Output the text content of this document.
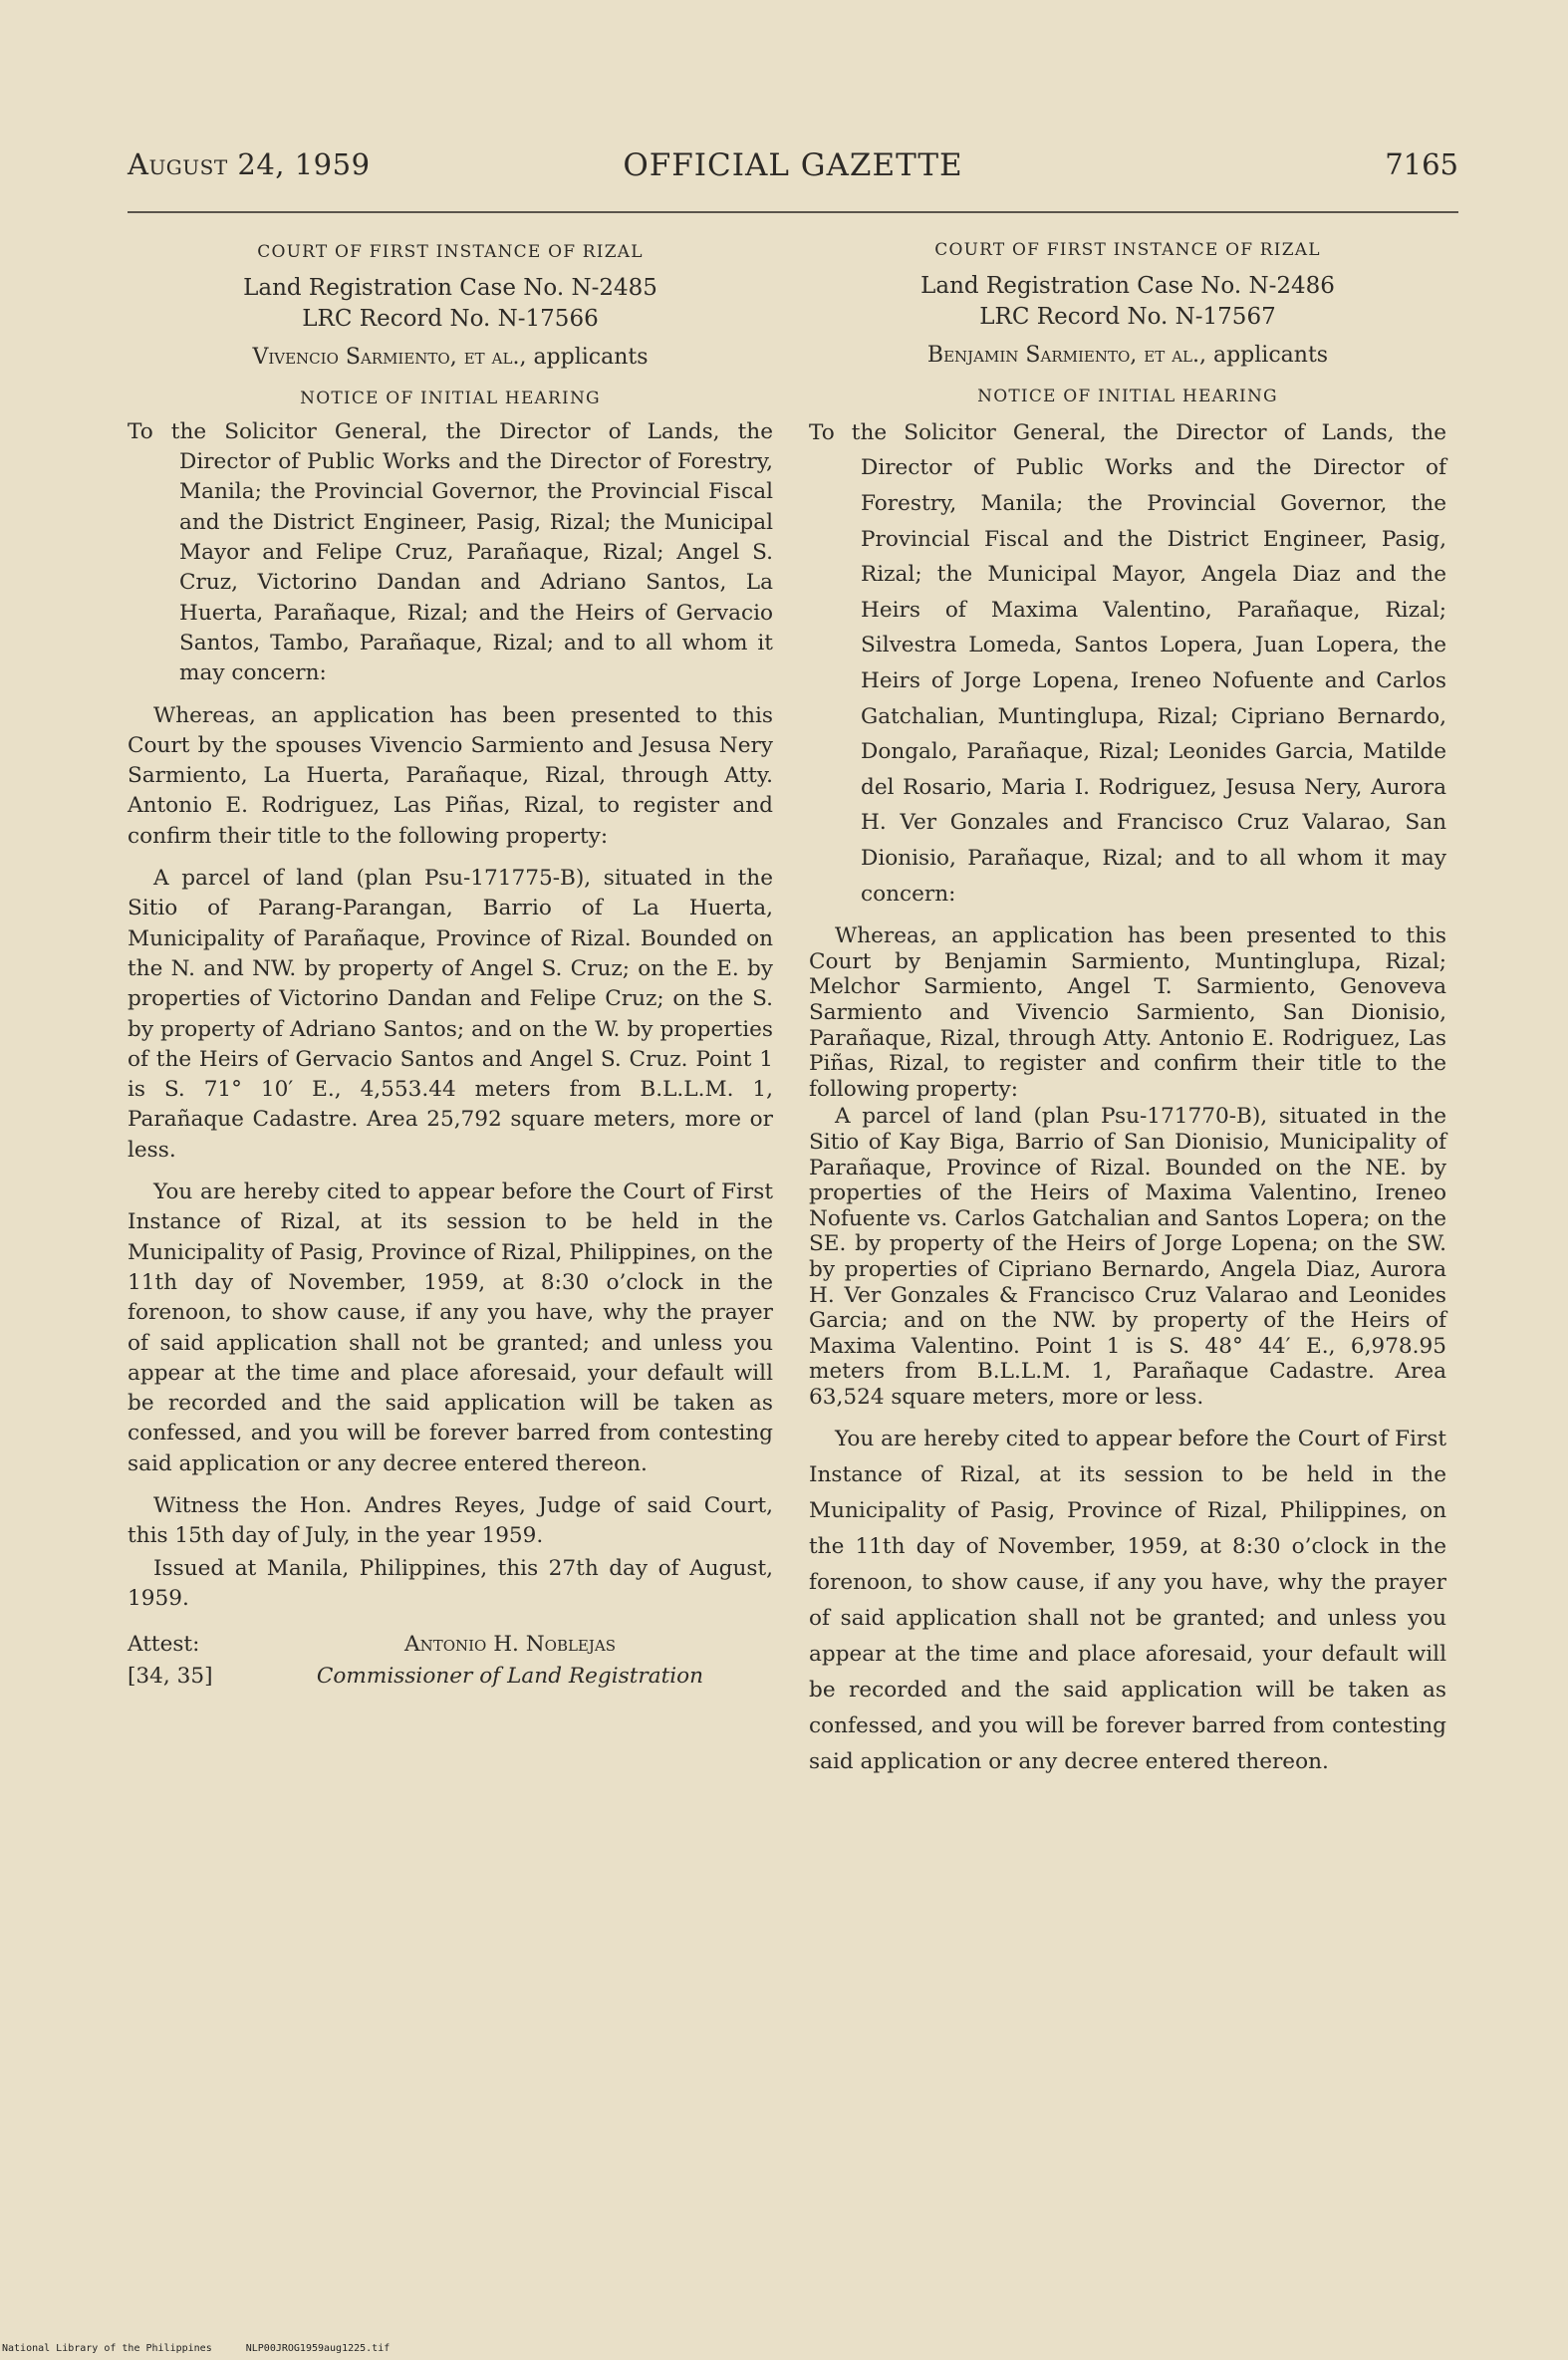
August 24, 1959	OFFICIAL GAZETTE	7165
COURT OF FIRST INSTANCE OF RIZAL
Land Registration Case No. N-2485
LRC Record No. N-17566
Vivencio Sarmiento, et al., applicants
NOTICE OF INITIAL HEARING
To the Solicitor General, the Director of Lands, the Director of Public Works and the Director of Forestry, Manila; the Provincial Governor, the Provincial Fiscal and the District Engineer, Pasig, Rizal; the Municipal Mayor and Felipe Cruz, Parañaque, Rizal; Angel S. Cruz, Victorino Dandan and Adriano Santos, La Huerta, Parañaque, Rizal; and the Heirs of Gervacio Santos, Tambo, Parañaque, Rizal; and to all whom it may concern:
Whereas, an application has been presented to this Court by the spouses Vivencio Sarmiento and Jesusa Nery Sarmiento, La Huerta, Parañaque, Rizal, through Atty. Antonio E. Rodriguez, Las Piñas, Rizal, to register and confirm their title to the following property:
A parcel of land (plan Psu-171775-B), situated in the Sitio of Parang-Parangan, Barrio of La Huerta, Municipality of Parañaque, Province of Rizal. Bounded on the N. and NW. by property of Angel S. Cruz; on the E. by properties of Victorino Dandan and Felipe Cruz; on the S. by property of Adriano Santos; and on the W. by properties of the Heirs of Gervacio Santos and Angel S. Cruz. Point 1 is S. 71° 10′ E., 4,553.44 meters from B.L.L.M. 1, Parañaque Cadastre. Area 25,792 square meters, more or less.
You are hereby cited to appear before the Court of First Instance of Rizal, at its session to be held in the Municipality of Pasig, Province of Rizal, Philippines, on the 11th day of November, 1959, at 8:30 o’clock in the forenoon, to show cause, if any you have, why the prayer of said application shall not be granted; and unless you appear at the time and place aforesaid, your default will be recorded and the said application will be taken as confessed, and you will be forever barred from contesting said application or any decree entered thereon.
Witness the Hon. Andres Reyes, Judge of said Court, this 15th day of July, in the year 1959.
Issued at Manila, Philippines, this 27th day of August, 1959.
Attest:	Antonio H. Noblejas
[34, 35]	Commissioner of Land Registration
COURT OF FIRST INSTANCE OF RIZAL
Land Registration Case No. N-2486
LRC Record No. N-17567
Benjamin Sarmiento, et al., applicants
NOTICE OF INITIAL HEARING
To the Solicitor General, the Director of Lands, the Director of Public Works and the Director of Forestry, Manila; the Provincial Governor, the Provincial Fiscal and the District Engineer, Pasig, Rizal; the Municipal Mayor, Angela Diaz and the Heirs of Maxima Valentino, Parañaque, Rizal; Silvestra Lomeda, Santos Lopera, Juan Lopera, the Heirs of Jorge Lopena, Ireneo Nofuente and Carlos Gatchalian, Muntinglupa, Rizal; Cipriano Bernardo, Dongalo, Parañaque, Rizal; Leonides Garcia, Matilde del Rosario, Maria I. Rodriguez, Jesusa Nery, Aurora H. Ver Gonzales and Francisco Cruz Valarao, San Dionisio, Parañaque, Rizal; and to all whom it may concern:
Whereas, an application has been presented to this Court by Benjamin Sarmiento, Muntinglupa, Rizal; Melchor Sarmiento, Angel T. Sarmiento, Genoveva Sarmiento and Vivencio Sarmiento, San Dionisio, Parañaque, Rizal, through Atty. Antonio E. Rodriguez, Las Piñas, Rizal, to register and confirm their title to the following property:
A parcel of land (plan Psu-171770-B), situated in the Sitio of Kay Biga, Barrio of San Dionisio, Municipality of Parañaque, Province of Rizal. Bounded on the NE. by properties of the Heirs of Maxima Valentino, Ireneo Nofuente vs. Carlos Gatchalian and Santos Lopera; on the SE. by property of the Heirs of Jorge Lopena; on the SW. by properties of Cipriano Bernardo, Angela Diaz, Aurora H. Ver Gonzales & Francisco Cruz Valarao and Leonides Garcia; and on the NW. by property of the Heirs of Maxima Valentino. Point 1 is S. 48° 44′ E., 6,978.95 meters from B.L.L.M. 1, Parañaque Cadastre. Area 63,524 square meters, more or less.
You are hereby cited to appear before the Court of First Instance of Rizal, at its session to be held in the Municipality of Pasig, Province of Rizal, Philippines, on the 11th day of November, 1959, at 8:30 o’clock in the forenoon, to show cause, if any you have, why the prayer of said application shall not be granted; and unless you appear at the time and place aforesaid, your default will be recorded and the said application will be taken as confessed, and you will be forever barred from contesting said application or any decree entered thereon.
National Library of the Philippines	NLP00JROG1959aug1225.tif
